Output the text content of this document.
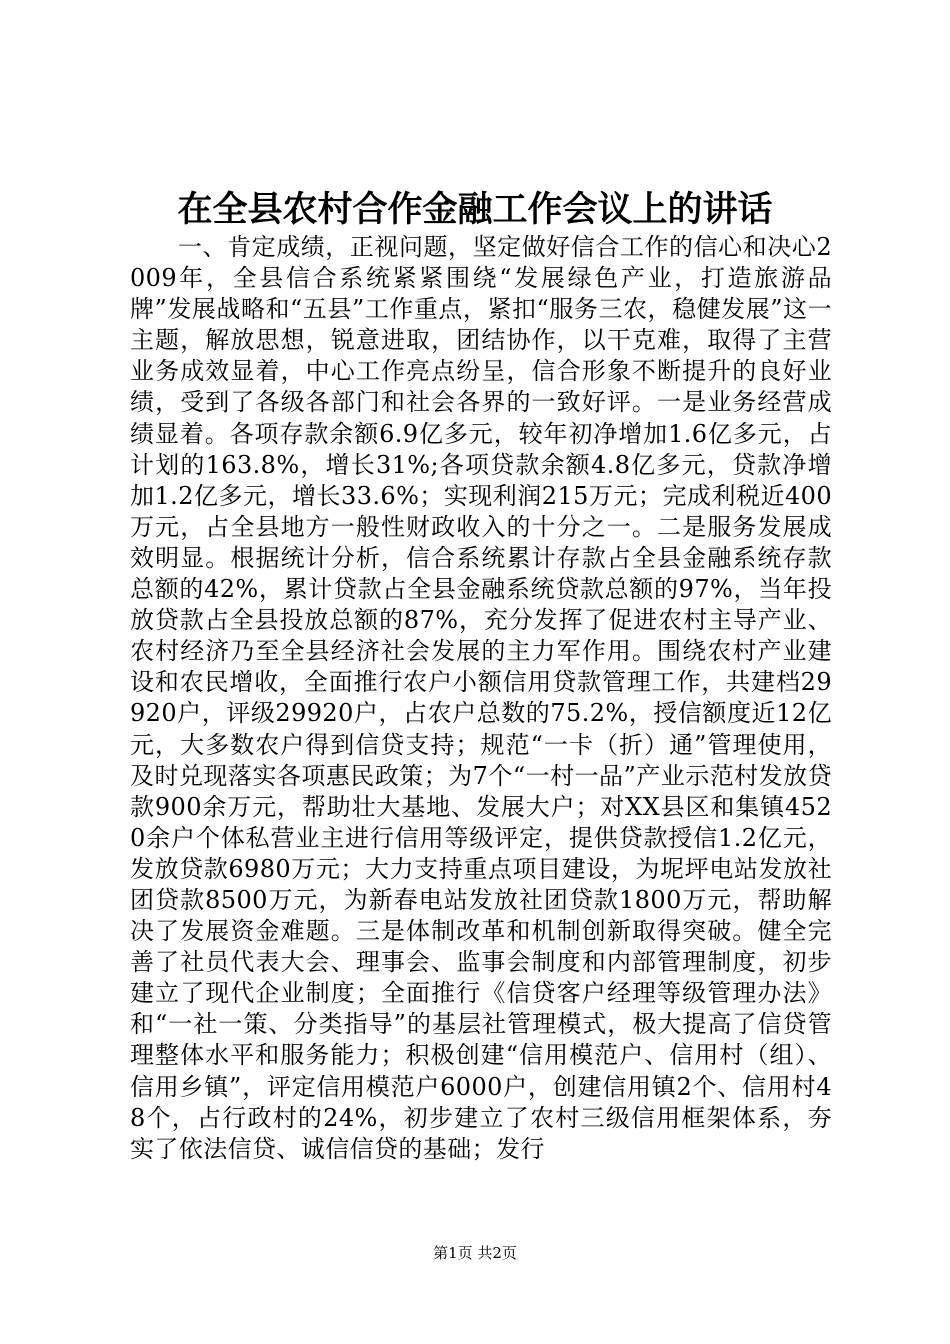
在全县农村合作金融工作会议上的讲话

一、肯定成绩，正视问题，坚定做好信合工作的信心和决心2009年，全县信合系统紧紧围绕“发展绿色产业，打造旅游品牌”发展战略和“五县”工作重点，紧扣“服务三农，稳健发展”这一主题，解放思想，锐意进取，团结协作，以干克难，取得了主营业务成效显着，中心工作亮点纷呈，信合形象不断提升的良好业绩，受到了各级各部门和社会各界的一致好评。一是业务经营成绩显着。各项存款余额6.9亿多元，较年初净增加1.6亿多元，占计划的163.8%，增长31%;各项贷款余额4.8亿多元，贷款净增加1.2亿多元，增长33.6%；实现利润215万元；完成利税近400万元，占全县地方一般性财政收入的十分之一。二是服务发展成效明显。根据统计分析，信合系统累计存款占全县金融系统存款总额的42%，累计贷款占全县金融系统贷款总额的97%，当年投放贷款占全县投放总额的87%，充分发挥了促进农村主导产业、农村经济乃至全县经济社会发展的主力军作用。围绕农村产业建设和农民增收，全面推行农户小额信用贷款管理工作，共建档29920户，评级29920户，占农户总数的75.2%，授信额度近12亿元，大多数农户得到信贷支持；规范“一卡（折）通”管理使用，及时兑现落实各项惠民政策；为7个“一村一品”产业示范村发放贷款900余万元，帮助壮大基地、发展大户；对XX县区和集镇4520余户个体私营业主进行信用等级评定，提供贷款授信1.2亿元，发放贷款6980万元；大力支持重点项目建设，为坭坪电站发放社团贷款8500万元，为新春电站发放社团贷款1800万元，帮助解决了发展资金难题。三是体制改革和机制创新取得突破。健全完善了社员代表大会、理事会、监事会制度和内部管理制度，初步建立了现代企业制度；全面推行《信贷客户经理等级管理办法》和“一社一策、分类指导”的基层社管理模式，极大提高了信贷管理整体水平和服务能力；积极创建“信用模范户、信用村（组）、信用乡镇”，评定信用模范户6000户，创建信用镇2个、信用村48个，占行政村的24%，初步建立了农村三级信用框架体系，夯实了依法信贷、诚信信贷的基础；发行

第1页 共2页
